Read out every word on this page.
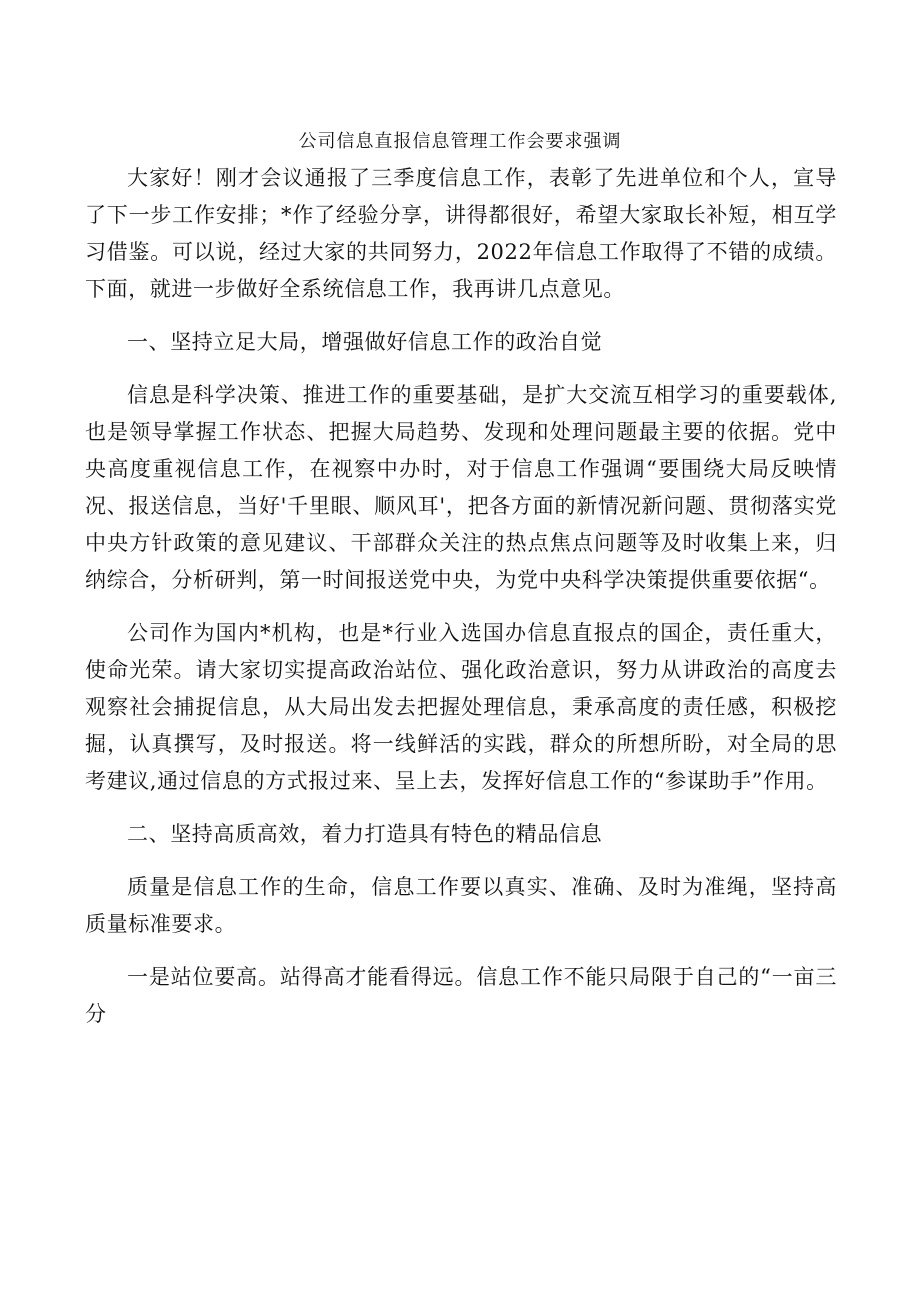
公司信息直报信息管理工作会要求强调

大家好！刚才会议通报了三季度信息工作，表彰了先进单位和个人，宣导了下一步工作安排；*作了经验分享，讲得都很好，希望大家取长补短，相互学习借鉴。可以说，经过大家的共同努力，2022年信息工作取得了不错的成绩。下面，就进一步做好全系统信息工作，我再讲几点意见。

一、坚持立足大局，增强做好信息工作的政治自觉

信息是科学决策、推进工作的重要基础，是扩大交流互相学习的重要载体,也是领导掌握工作状态、把握大局趋势、发现和处理问题最主要的依据。党中央高度重视信息工作，在视察中办时，对于信息工作强调“要围绕大局反映情况、报送信息，当好'千里眼、顺风耳'，把各方面的新情况新问题、贯彻落实党中央方针政策的意见建议、干部群众关注的热点焦点问题等及时收集上来，归纳综合，分析研判，第一时间报送党中央，为党中央科学决策提供重要依据“。

公司作为国内*机构，也是*行业入选国办信息直报点的国企，责任重大，使命光荣。请大家切实提高政治站位、强化政治意识，努力从讲政治的高度去观察社会捕捉信息，从大局出发去把握处理信息，秉承高度的责任感，积极挖掘，认真撰写，及时报送。将一线鲜活的实践，群众的所想所盼，对全局的思考建议,通过信息的方式报过来、呈上去，发挥好信息工作的“参谋助手”作用。

二、坚持高质高效，着力打造具有特色的精品信息

质量是信息工作的生命，信息工作要以真实、准确、及时为准绳，坚持高质量标准要求。

一是站位要高。站得高才能看得远。信息工作不能只局限于自己的“一亩三分
